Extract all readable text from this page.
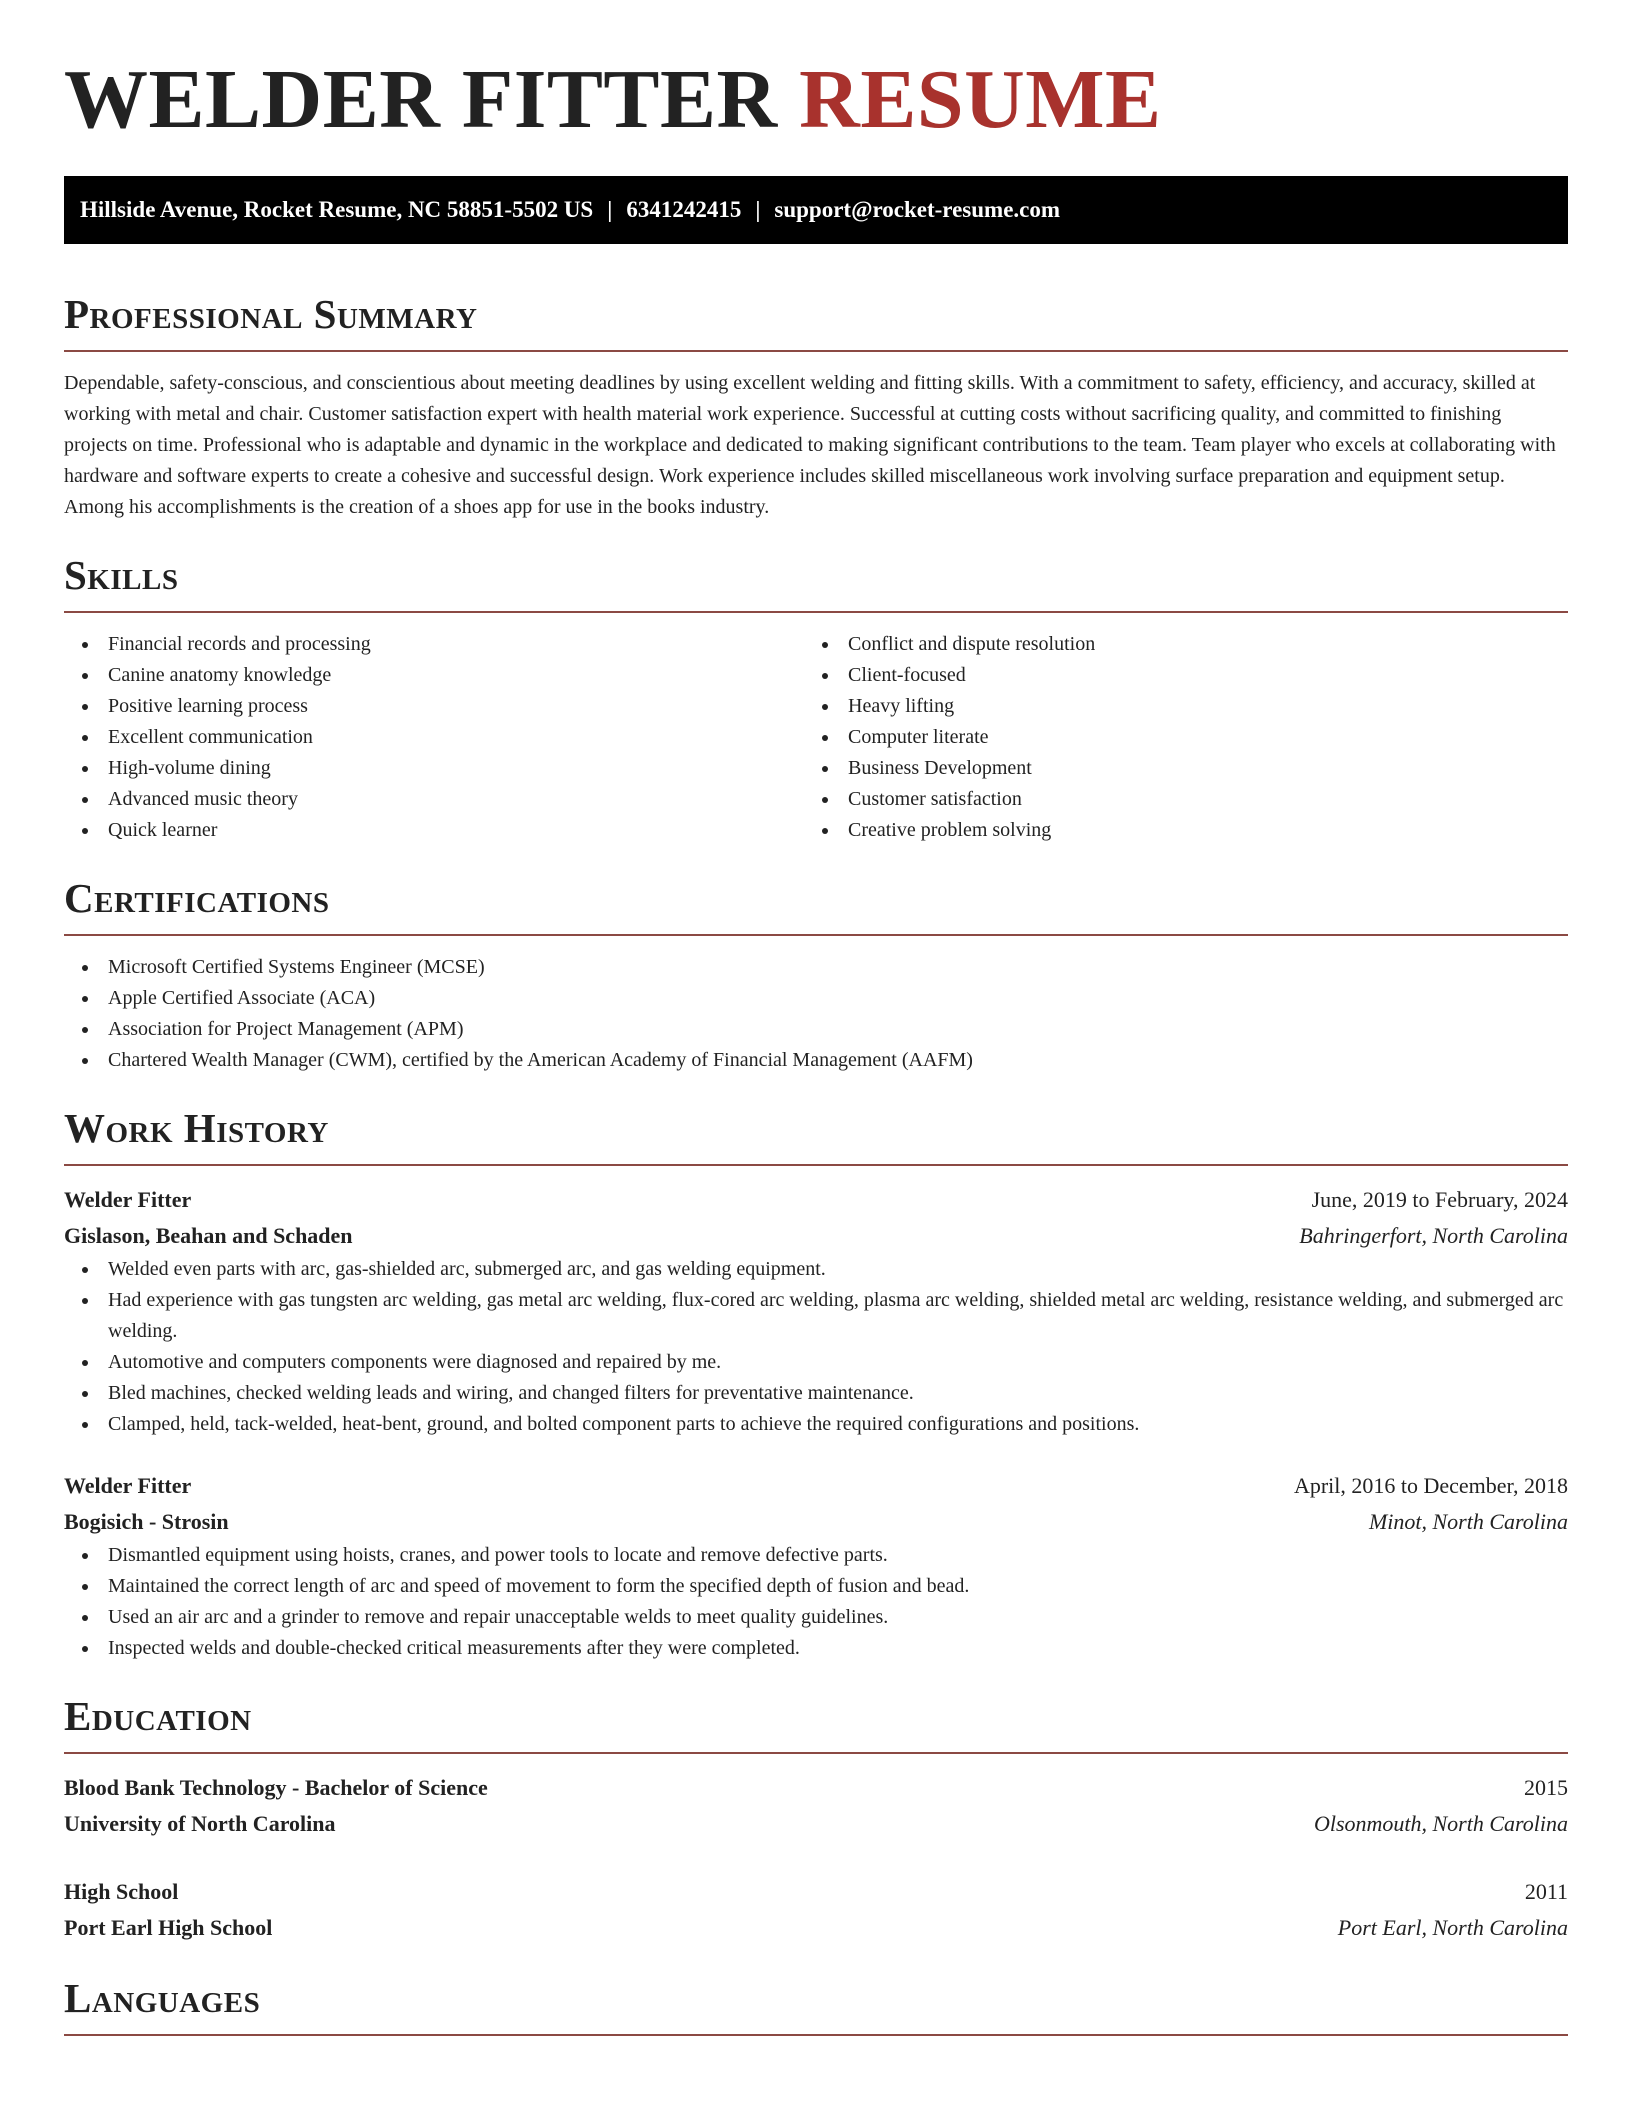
WELDER FITTER RESUME
Hillside Avenue, Rocket Resume, NC 58851-5502 US | 6341242415 | support@rocket-resume.com
Professional Summary

Dependable, safety-conscious, and conscientious about meeting deadlines by using excellent welding and fitting skills. With a commitment to safety, efficiency, and accuracy, skilled at working with metal and chair. Customer satisfaction expert with health material work experience. Successful at cutting costs without sacrificing quality, and committed to finishing projects on time. Professional who is adaptable and dynamic in the workplace and dedicated to making significant contributions to the team. Team player who excels at collaborating with hardware and software experts to create a cohesive and successful design. Work experience includes skilled miscellaneous work involving surface preparation and equipment setup. Among his accomplishments is the creation of a shoes app for use in the books industry.

Skills
Financial records and processing
Canine anatomy knowledge
Positive learning process
Excellent communication
High-volume dining
Advanced music theory
Quick learner
Conflict and dispute resolution
Client-focused
Heavy lifting
Computer literate
Business Development
Customer satisfaction
Creative problem solving
Certifications
Microsoft Certified Systems Engineer (MCSE)
Apple Certified Associate (ACA)
Association for Project Management (APM)
Chartered Wealth Manager (CWM), certified by the American Academy of Financial Management (AAFM)
Work History
Welder Fitter	June, 2019 to February, 2024
Gislason, Beahan and Schaden	Bahringerfort, North Carolina
Welded even parts with arc, gas-shielded arc, submerged arc, and gas welding equipment.
Had experience with gas tungsten arc welding, gas metal arc welding, flux-cored arc welding, plasma arc welding, shielded metal arc welding, resistance welding, and submerged arc welding.
Automotive and computers components were diagnosed and repaired by me.
Bled machines, checked welding leads and wiring, and changed filters for preventative maintenance.
Clamped, held, tack-welded, heat-bent, ground, and bolted component parts to achieve the required configurations and positions.
Welder Fitter	April, 2016 to December, 2018
Bogisich - Strosin	Minot, North Carolina
Dismantled equipment using hoists, cranes, and power tools to locate and remove defective parts.
Maintained the correct length of arc and speed of movement to form the specified depth of fusion and bead.
Used an air arc and a grinder to remove and repair unacceptable welds to meet quality guidelines.
Inspected welds and double-checked critical measurements after they were completed.
Education
Blood Bank Technology - Bachelor of Science	2015
University of North Carolina	Olsonmouth, North Carolina
High School	2011
Port Earl High School	Port Earl, North Carolina
Languages
